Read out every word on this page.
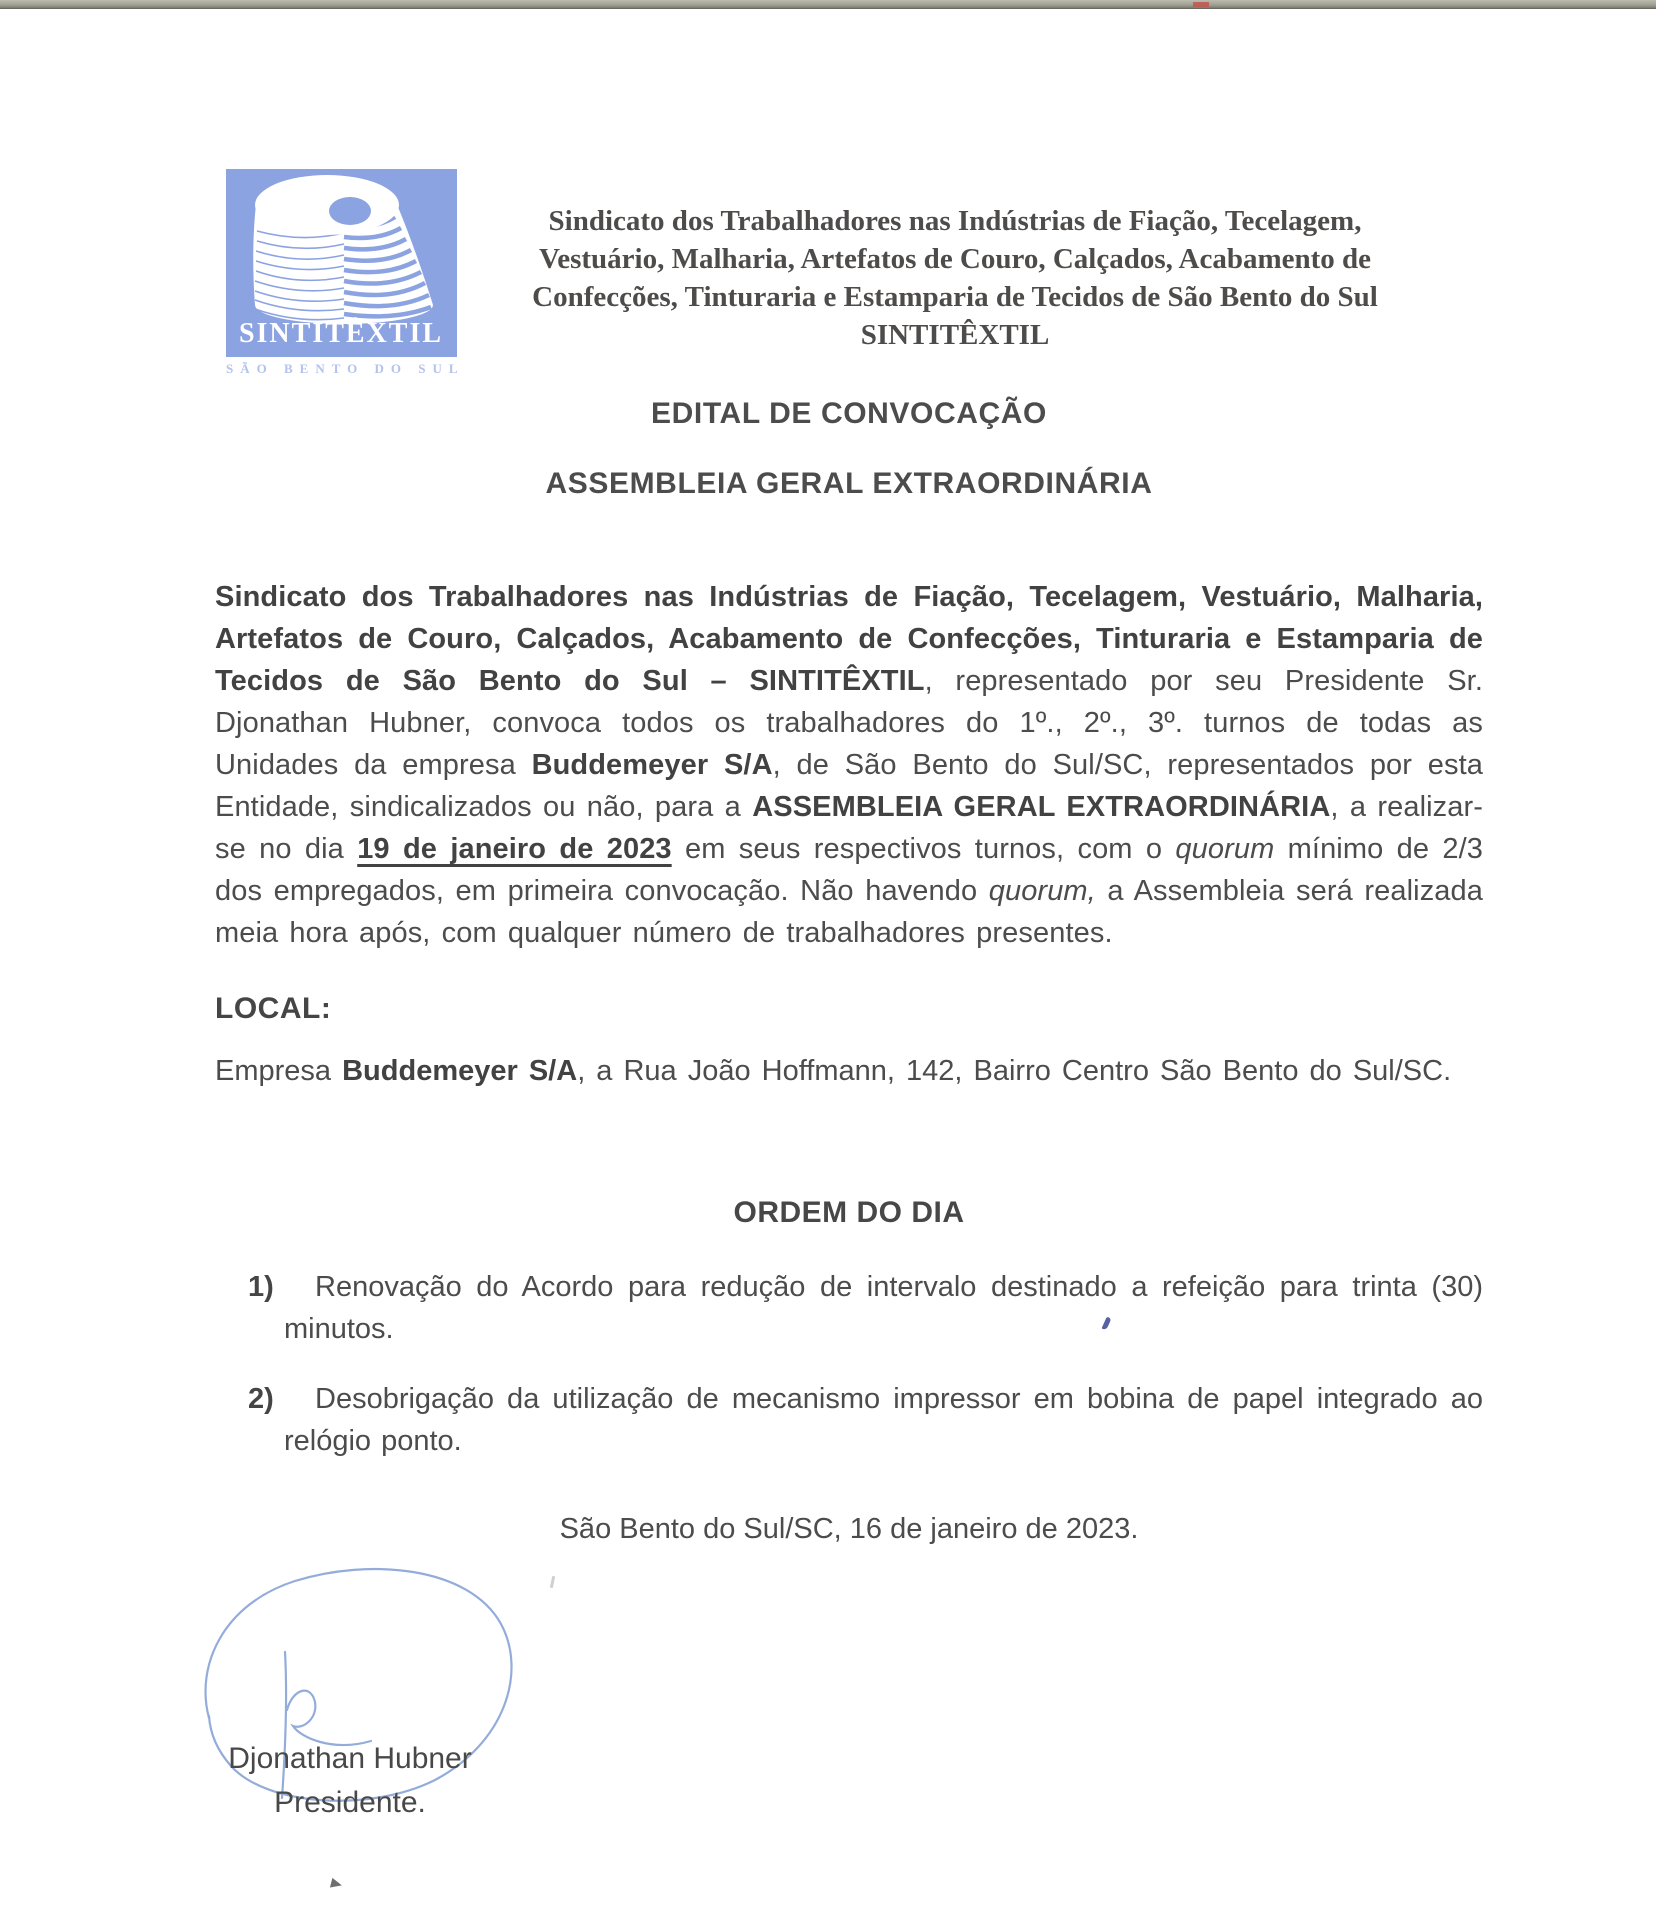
SINTITÊXTIL
SÃO BENTO DO SUL
Sindicato dos Trabalhadores nas Indústrias de Fiação, Tecelagem,
Vestuário, Malharia, Artefatos de Couro, Calçados, Acabamento de
Confecções, Tinturaria e Estamparia de Tecidos de São Bento do Sul
SINTITÊXTIL
EDITAL DE CONVOCAÇÃO
ASSEMBLEIA GERAL EXTRAORDINÁRIA

Sindicato dos Trabalhadores nas Indústrias de Fiação, Tecelagem, Vestuário, Malharia, Artefatos de Couro, Calçados, Acabamento de Confecções, Tinturaria e Estamparia de Tecidos de São Bento do Sul – SINTITÊXTIL, representado por seu Presidente Sr. Djonathan Hubner, convoca todos os trabalhadores do 1º., 2º., 3º. turnos de todas as Unidades da empresa Buddemeyer S/A, de São Bento do Sul/SC, representados por esta Entidade, sindicalizados ou não, para a ASSEMBLEIA GERAL EXTRAORDINÁRIA, a realizar-se no dia 19 de janeiro de 2023 em seus respectivos turnos, com o quorum mínimo de 2/3 dos empregados, em primeira convocação. Não havendo quorum, a Assembleia será realizada meia hora após, com qualquer número de trabalhadores presentes.

LOCAL:

Empresa Buddemeyer S/A, a Rua João Hoffmann, 142, Bairro Centro São Bento do Sul/SC.

ORDEM DO DIA
1)	Renovação do Acordo para redução de intervalo destinado a refeição para trinta (30) minutos.
2)	Desobrigação da utilização de mecanismo impressor em bobina de papel integrado ao relógio ponto.
São Bento do Sul/SC, 16 de janeiro de 2023.
Djonathan Hubner
Presidente.
